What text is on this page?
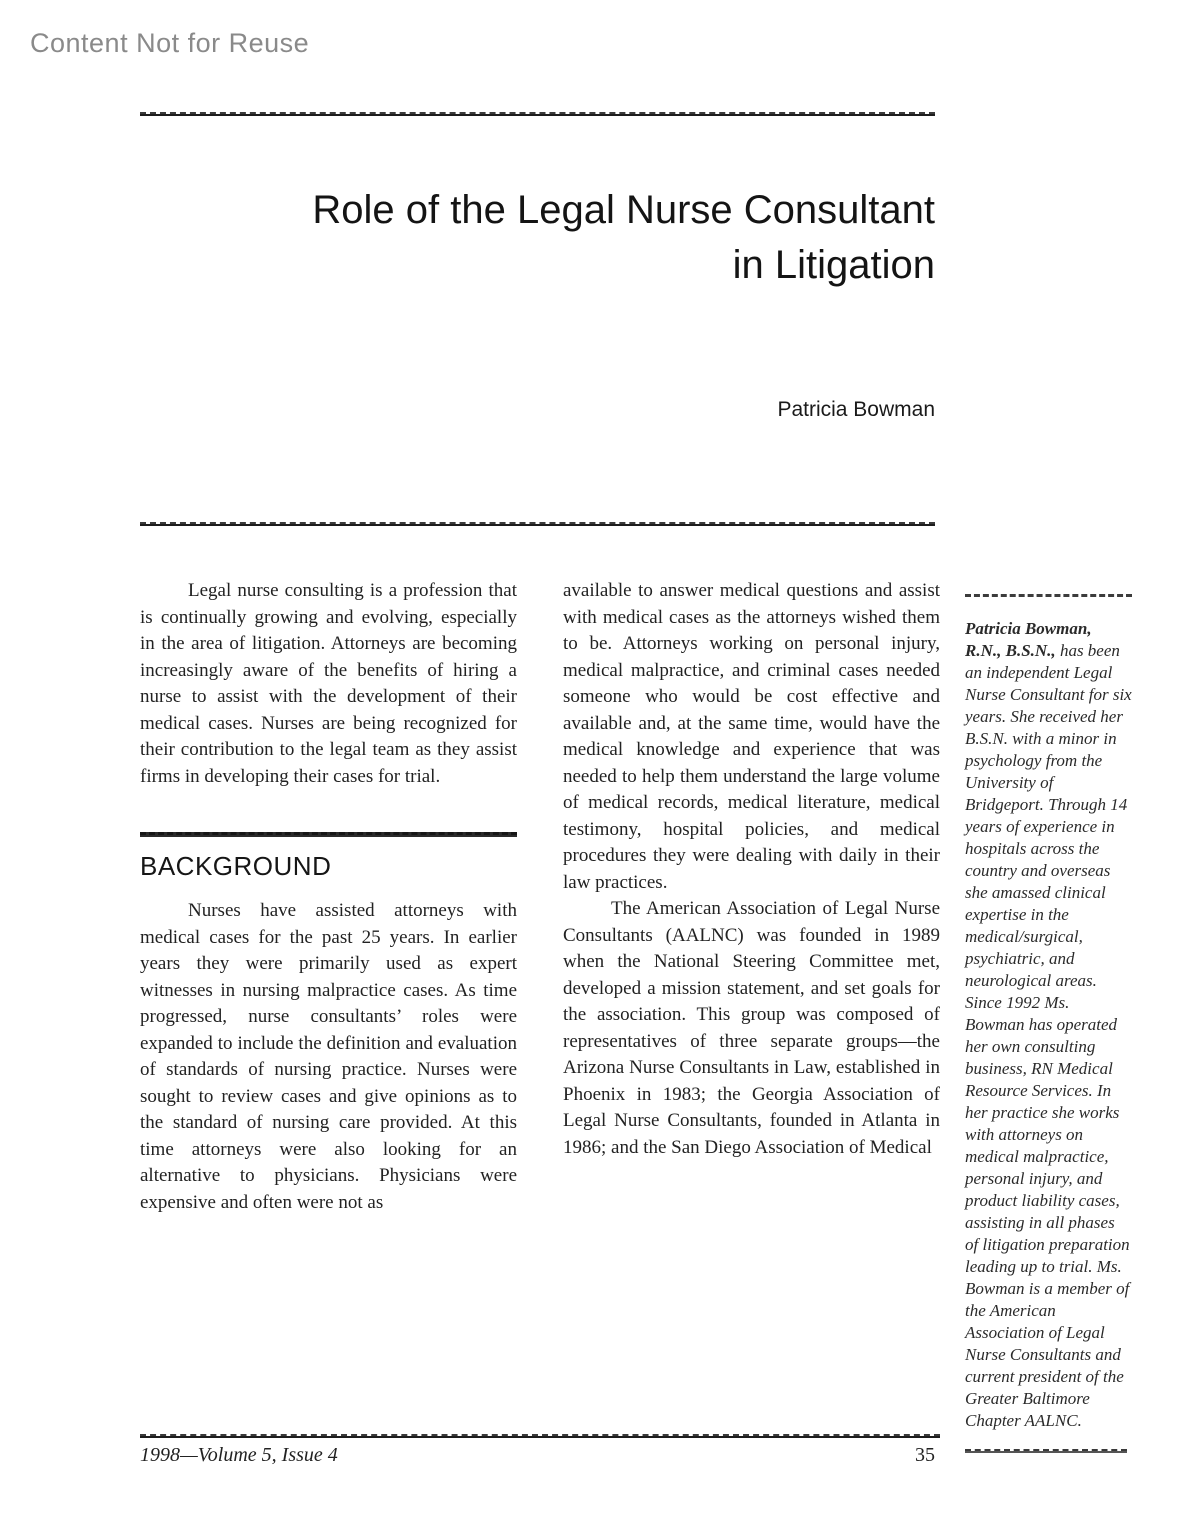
Content Not for Reuse
Role of the Legal Nurse Consultant
in Litigation
Patricia Bowman

Legal nurse consulting is a profession that is continually growing and evolving, especially in the area of litigation. Attorneys are becoming increasingly aware of the benefits of hiring a nurse to assist with the development of their medical cases. Nurses are being recognized for their contribution to the legal team as they assist firms in developing their cases for trial.

BACKGROUND

Nurses have assisted attorneys with medical cases for the past 25 years. In earlier years they were primarily used as expert witnesses in nursing malpractice cases. As time progressed, nurse consultants’ roles were expanded to include the definition and evaluation of standards of nursing practice. Nurses were sought to review cases and give opinions as to the standard of nursing care provided. At this time attorneys were also looking for an alternative to physicians. Physicians were expensive and often were not as

available to answer medical questions and assist with medical cases as the attorneys wished them to be. Attorneys working on personal injury, medical malpractice, and criminal cases needed someone who would be cost effective and available and, at the same time, would have the medical knowledge and experience that was needed to help them understand the large volume of medical records, medical literature, medical testimony, hospital policies, and medical procedures they were dealing with daily in their law practices.

The American Association of Legal Nurse Consultants (AALNC) was founded in 1989 when the National Steering Committee met, developed a mission statement, and set goals for the association. This group was composed of representatives of three separate groups—the Arizona Nurse Consultants in Law, established in Phoenix in 1983; the Georgia Association of Legal Nurse Consultants, founded in Atlanta in 1986; and the San Diego Association of Medical

Patricia Bowman, R.N., B.S.N., has been an independent Legal Nurse Consultant for six years. She received her B.S.N. with a minor in psychology from the University of Bridgeport. Through 14 years of experience in hospitals across the country and overseas she amassed clinical expertise in the medical/surgical, psychiatric, and neurological areas. Since 1992 Ms. Bowman has operated her own consulting business, RN Medical Resource Services. In her practice she works with attorneys on medical malpractice, personal injury, and product liability cases, assisting in all phases of litigation preparation leading up to trial. Ms. Bowman is a member of the American Association of Legal Nurse Consultants and current president of the Greater Baltimore Chapter AALNC.

1998—Volume 5, Issue 4	35
